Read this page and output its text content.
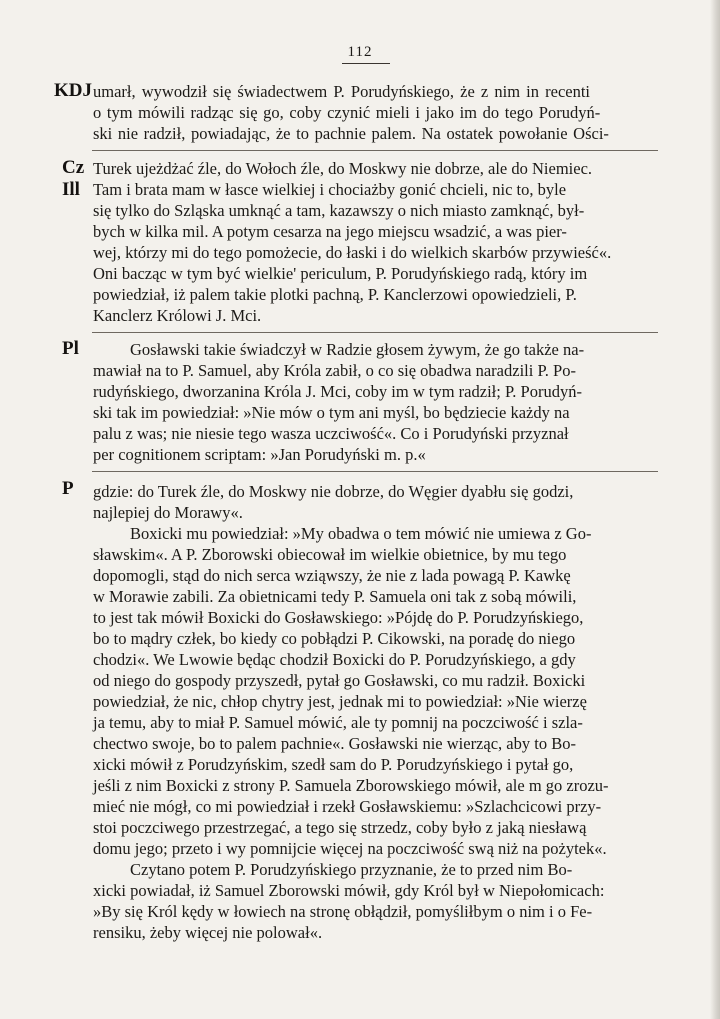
112
KDJ umarł, wywodził się świadectwem P. Porudyńskiego, że z nim in recenti
o tym mówili radząc się go, coby czynić mieli i jako im do tego Porudyń-
ski nie radził, powiadając, że to pachnie palem. Na ostatek powołanie Ości-
Cz
Ill
Turek ujeżdżać źle, do Wołoch źle, do Moskwy nie dobrze, ale do Niemiec.
Tam i brata mam w łasce wielkiej i chociażby gonić chcieli, nic to, byle
się tylko do Szląska umknąć a tam, kazawszy o nich miasto zamknąć, był-
bych w kilka mil. A potym cesarza na jego miejscu wsadzić, a was pier-
wej, którzy mi do tego pomożecie, do łaski i do wielkich skarbów przywieść«.
Oni bacząc w tym być wielkie' periculum, P. Porudyńskiego radą, który im
powiedział, iż palem takie plotki pachną, P. Kanclerzowi opowiedzieli, P.
Kanclerz Królowi J. Mci.
Pl	Gosławski takie świadczył w Radzie głosem żywym, że go także na-
mawiał na to P. Samuel, aby Króla zabił, o co się obadwa naradzili P. Po-
rudyńskiego, dworzanina Króla J. Mci, coby im w tym radził; P. Porudyń-
ski tak im powiedział: »Nie mów o tym ani myśl, bo będziecie każdy na
palu z was; nie niesie tego wasza uczciwość«. Co i Porudyński przyznał
per cognitionem scriptam: »Jan Porudyński m. p.«
P gdzie: do Turek źle, do Moskwy nie dobrze, do Węgier dyabłu się godzi,
najlepiej do Morawy«.
Boxicki mu powiedział: »My obadwa o tem mówić nie umiewa z Go-
sławskim«. A P. Zborowski obiecował im wielkie obietnice, by mu tego
dopomogli, stąd do nich serca wziąwszy, że nie z lada powagą P. Kawkę
w Morawie zabili. Za obietnicami tedy P. Samuela oni tak z sobą mówili,
to jest tak mówił Boxicki do Gosławskiego: »Pójdę do P. Porudzyńskiego,
bo to mądry człek, bo kiedy co pobłądzi P. Cikowski, na poradę do niego
chodzi«. We Lwowie będąc chodził Boxicki do P. Porudzyńskiego, a gdy
od niego do gospody przyszedł, pytał go Gosławski, co mu radził. Boxicki
powiedział, że nic, chłop chytry jest, jednak mi to powiedział: »Nie wierzę
ja temu, aby to miał P. Samuel mówić, ale ty pomnij na poczciwość i szla-
chectwo swoje, bo to palem pachnie«. Gosławski nie wierząc, aby to Bo-
xicki mówił z Porudzyńskim, szedł sam do P. Porudzyńskiego i pytał go,
jeśli z nim Boxicki z strony P. Samuela Zborowskiego mówił, ale m go zrozu-
mieć nie mógł, co mi powiedział i rzekł Gosławskiemu: »Szlachcicowi przy-
stoi poczciwego przestrzegać, a tego się strzedz, coby było z jaką niesławą
domu jego; przeto i wy pomnijcie więcej na poczciwość swą niż na pożytek«.
Czytano potem P. Porudzyńskiego przyznanie, że to przed nim Bo-
xicki powiadał, iż Samuel Zborowski mówił, gdy Król był w Niepołomicach:
»By się Król kędy w łowiech na stronę obłądził, pomyśliłbym o nim i o Fe-
rensiku, żeby więcej nie polował«.
